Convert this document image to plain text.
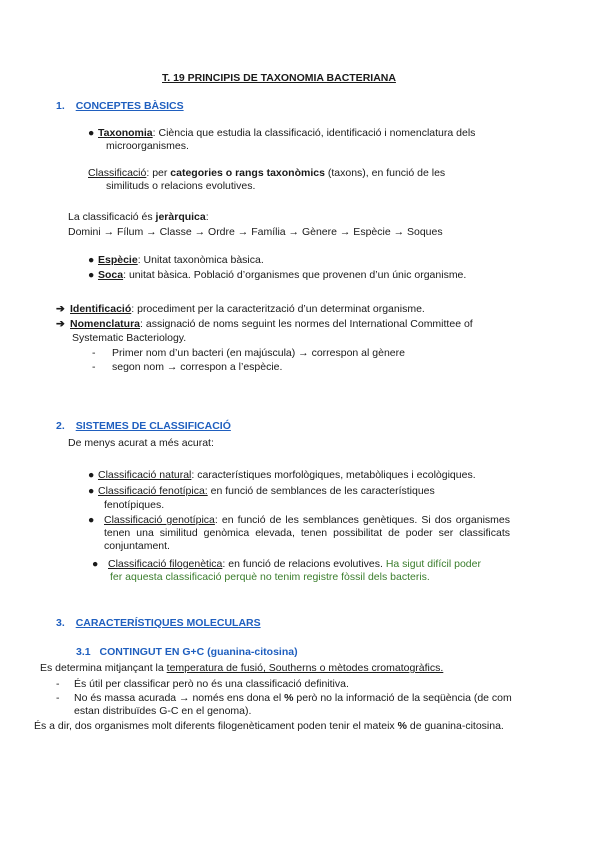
T. 19 PRINCIPIS DE TAXONOMIA BACTERIANA
1. CONCEPTES BÀSICS
● Taxonomia: Ciència que estudia la classificació, identificació i nomenclatura dels
microorganismes.
Classificació: per categories o rangs taxonòmics (taxons), en funció de les
similituds o relacions evolutives.
La classificació és jeràrquica:
Domini → Fílum → Classe → Ordre → Família → Gènere → Espècie → Soques
● Espècie: Unitat taxonòmica bàsica.
● Soca: unitat bàsica. Població d’organismes que provenen d’un únic organisme.
➔ Identificació: procediment per la caracterització d’un determinat organisme.
➔ Nomenclatura: assignació de noms seguint les normes del International Committee of
Systematic Bacteriology.
- Primer nom d’un bacteri (en majúscula) → correspon al gènere
- segon nom → correspon a l’espècie.
2. SISTEMES DE CLASSIFICACIÓ
De menys acurat a més acurat:
● Classificació natural: característiques morfològiques, metabòliques i ecològiques.
● Classificació fenotípica: en funció de semblances de les característiques
fenotípiques.
● Classificació genotípica: en funció de les semblances genètiques. Si dos organismes tenen una similitud genòmica elevada, tenen possibilitat de poder ser classificats conjuntament.
● Classificació filogenètica: en funció de relacions evolutives. Ha sigut difícil poder
fer aquesta classificació perquè no tenim registre fòssil dels bacteris.
3. CARACTERÍSTIQUES MOLECULARS
3.1 CONTINGUT EN G+C (guanina-citosina)
Es determina mitjançant la temperatura de fusió, Southerns o mètodes cromatogràfics.
- És útil per classificar però no és una classificació definitiva.
- No és massa acurada → només ens dona el % però no la informació de la seqüència (de com
estan distribuïdes G-C en el genoma).
És a dir, dos organismes molt diferents filogenèticament poden tenir el mateix % de guanina-citosina.
